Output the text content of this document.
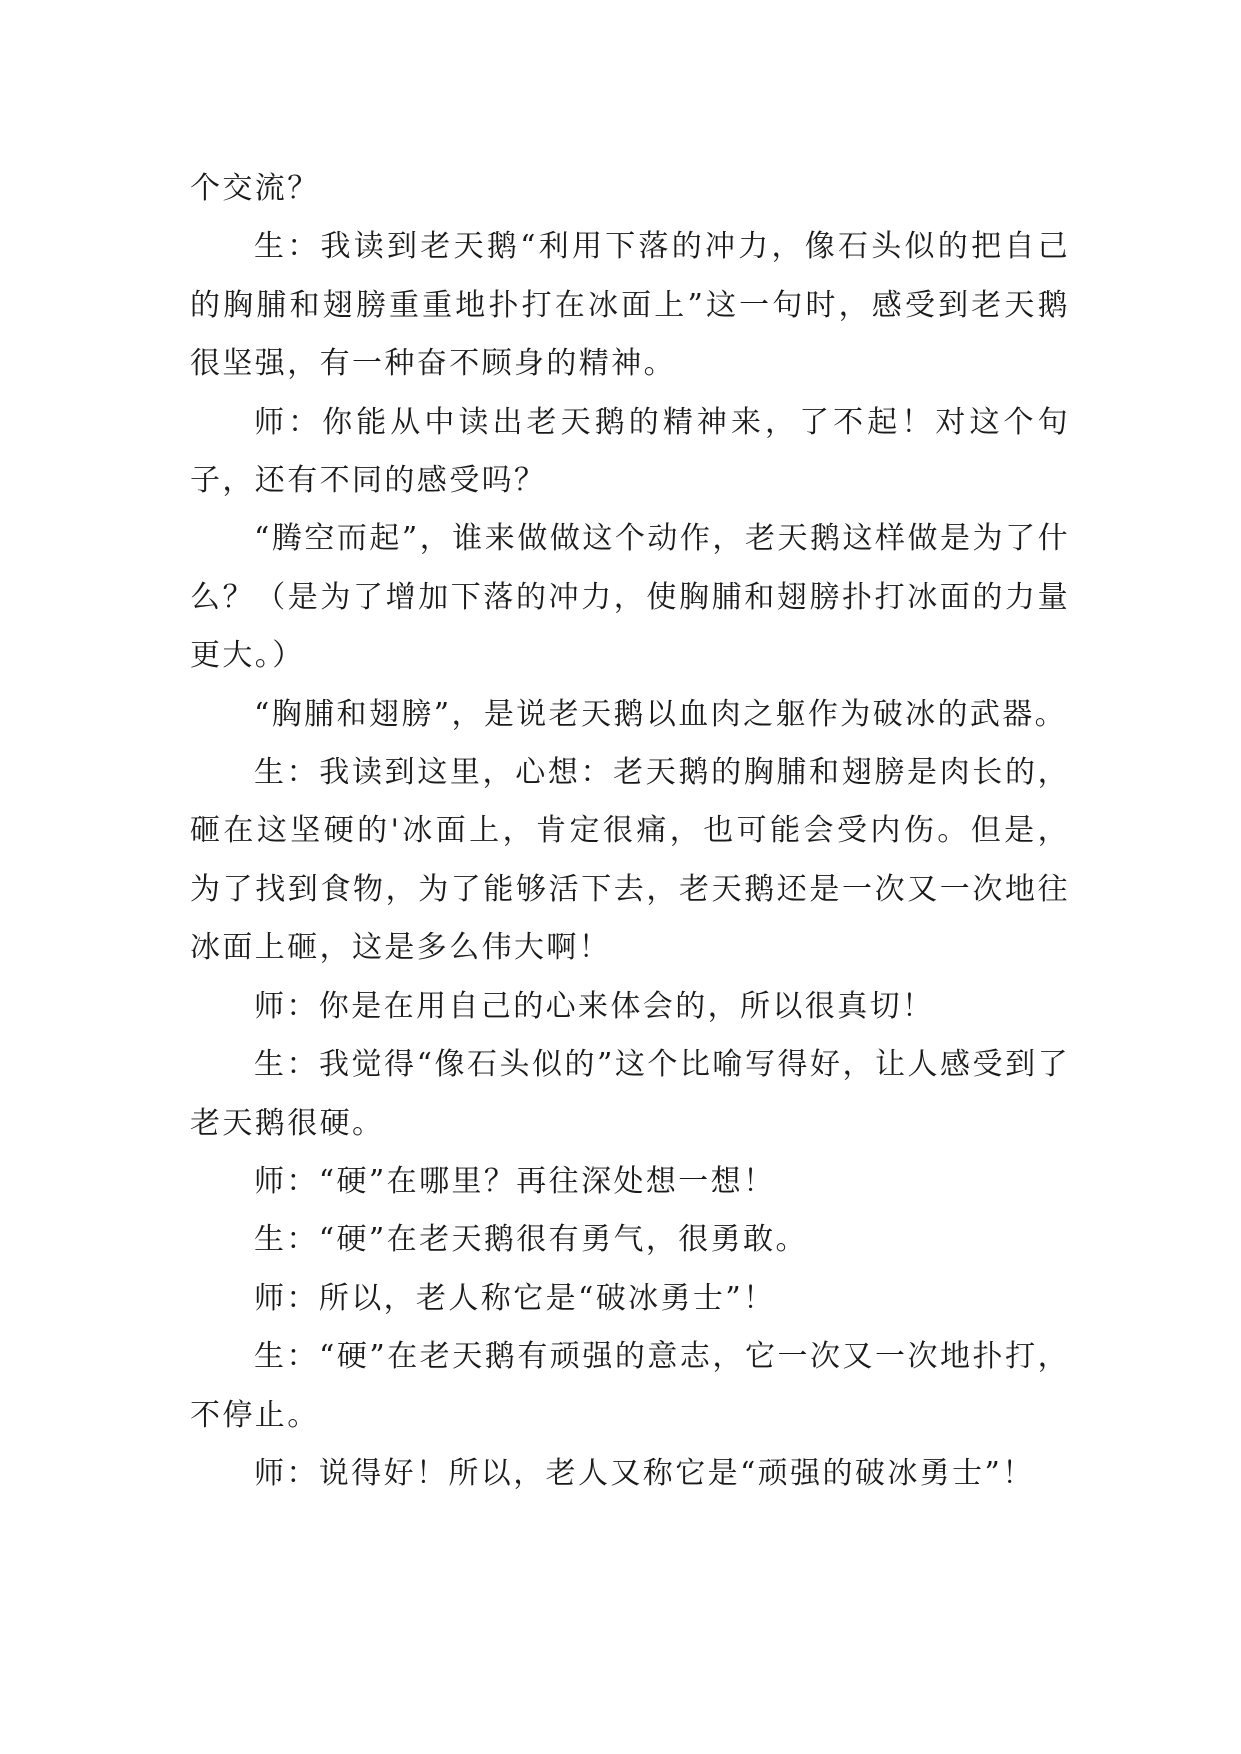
个交流？

生：我读到老天鹅“利用下落的冲力，像石头似的把自己的胸脯和翅膀重重地扑打在冰面上”这一句时，感受到老天鹅很坚强，有一种奋不顾身的精神。

师：你能从中读出老天鹅的精神来，了不起！对这个句子，还有不同的感受吗？

“腾空而起”，谁来做做这个动作，老天鹅这样做是为了什么？（是为了增加下落的冲力，使胸脯和翅膀扑打冰面的力量更大。）

“胸脯和翅膀”，是说老天鹅以血肉之躯作为破冰的武器。

生：我读到这里，心想：老天鹅的胸脯和翅膀是肉长的，砸在这坚硬的'冰面上，肯定很痛，也可能会受内伤。但是，为了找到食物，为了能够活下去，老天鹅还是一次又一次地往冰面上砸，这是多么伟大啊！

师：你是在用自己的心来体会的，所以很真切！

生：我觉得“像石头似的”这个比喻写得好，让人感受到了老天鹅很硬。

师：“硬”在哪里？再往深处想一想！

生：“硬”在老天鹅很有勇气，很勇敢。

师：所以，老人称它是“破冰勇士”！

生：“硬”在老天鹅有顽强的意志，它一次又一次地扑打，不停止。

师：说得好！所以，老人又称它是“顽强的破冰勇士”！
